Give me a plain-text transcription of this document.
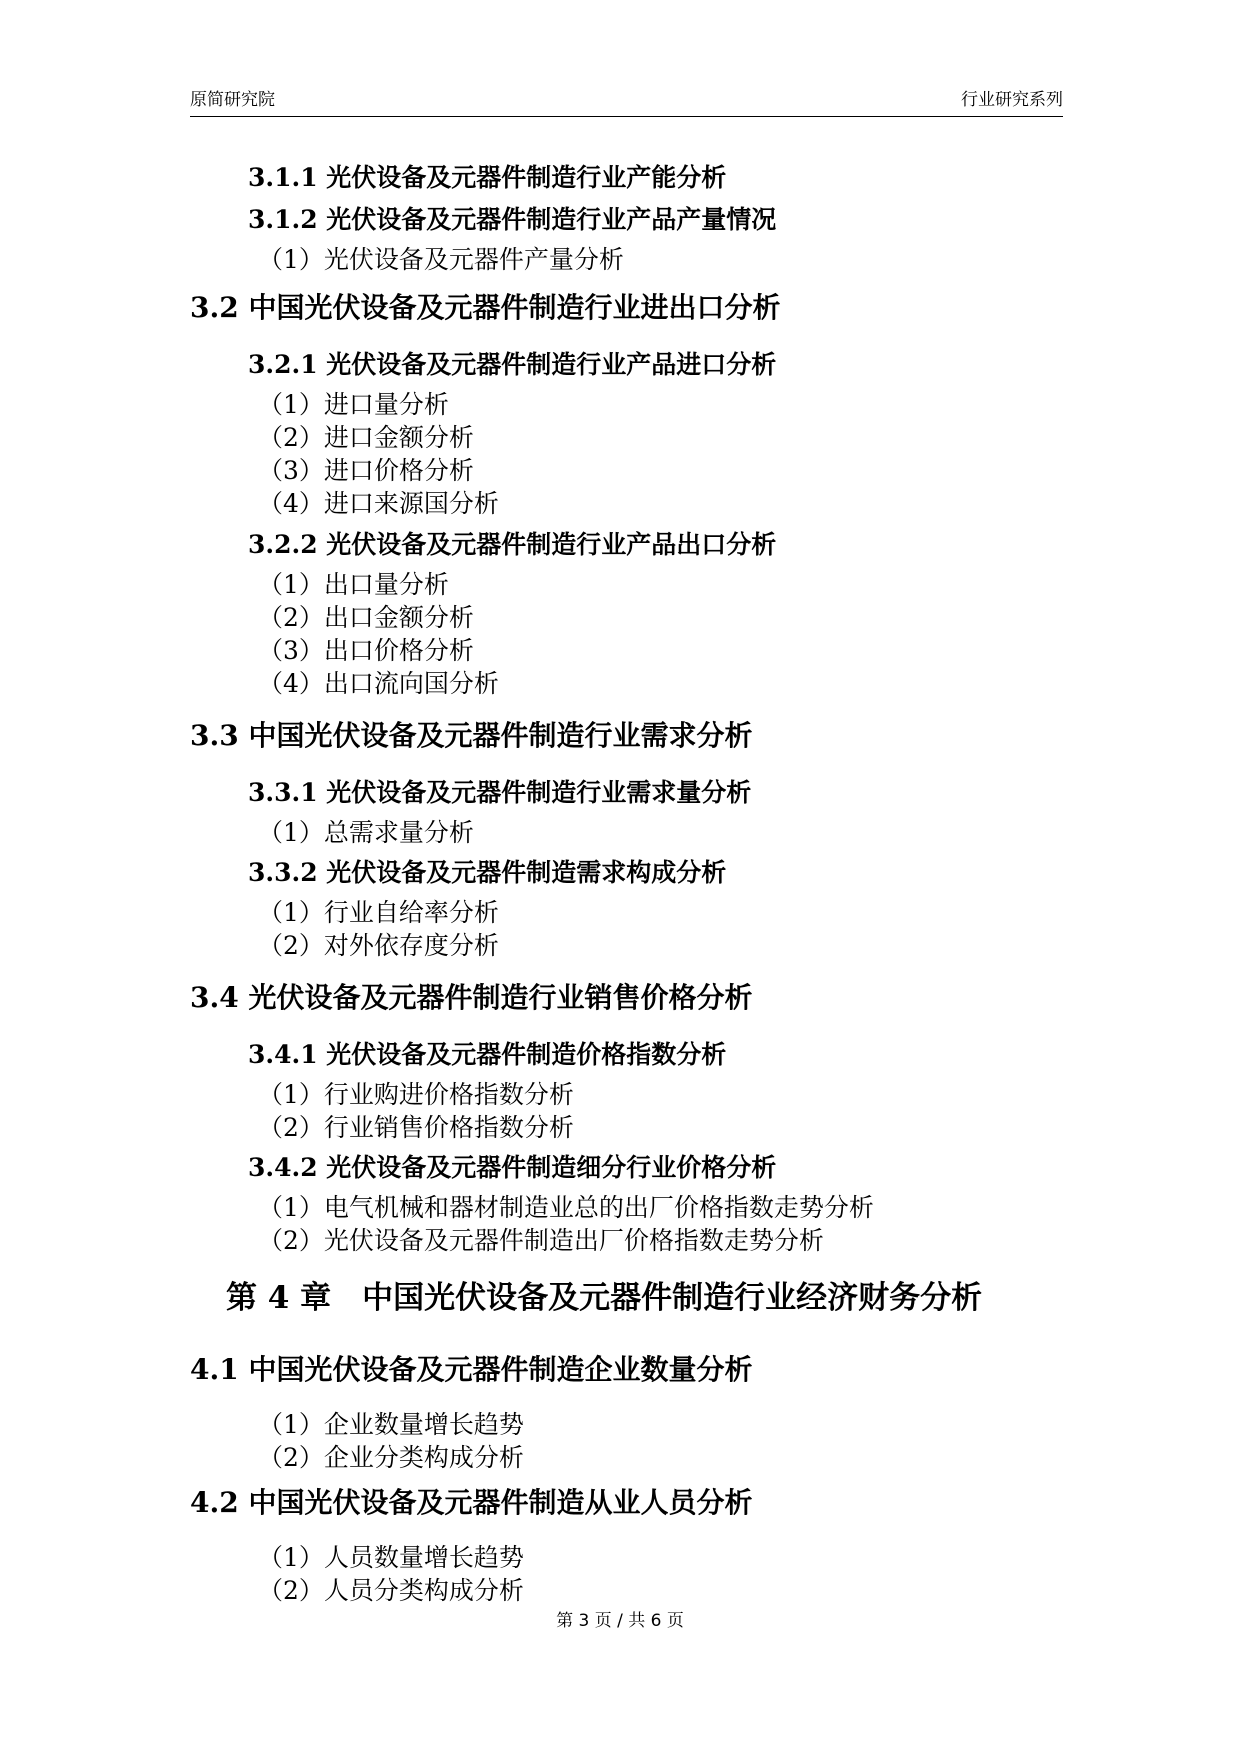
原简研究院	行业研究系列
3.1.1 光伏设备及元器件制造行业产能分析
3.1.2 光伏设备及元器件制造行业产品产量情况
（1）光伏设备及元器件产量分析
3.2 中国光伏设备及元器件制造行业进出口分析
3.2.1 光伏设备及元器件制造行业产品进口分析
（1）进口量分析
（2）进口金额分析
（3）进口价格分析
（4）进口来源国分析
3.2.2 光伏设备及元器件制造行业产品出口分析
（1）出口量分析
（2）出口金额分析
（3）出口价格分析
（4）出口流向国分析
3.3 中国光伏设备及元器件制造行业需求分析
3.3.1 光伏设备及元器件制造行业需求量分析
（1）总需求量分析
3.3.2 光伏设备及元器件制造需求构成分析
（1）行业自给率分析
（2）对外依存度分析
3.4 光伏设备及元器件制造行业销售价格分析
3.4.1 光伏设备及元器件制造价格指数分析
（1）行业购进价格指数分析
（2）行业销售价格指数分析
3.4.2 光伏设备及元器件制造细分行业价格分析
（1）电气机械和器材制造业总的出厂价格指数走势分析
（2）光伏设备及元器件制造出厂价格指数走势分析
第 4 章　中国光伏设备及元器件制造行业经济财务分析
4.1 中国光伏设备及元器件制造企业数量分析
（1）企业数量增长趋势
（2）企业分类构成分析
4.2 中国光伏设备及元器件制造从业人员分析
（1）人员数量增长趋势
（2）人员分类构成分析
第 3 页 / 共 6 页
